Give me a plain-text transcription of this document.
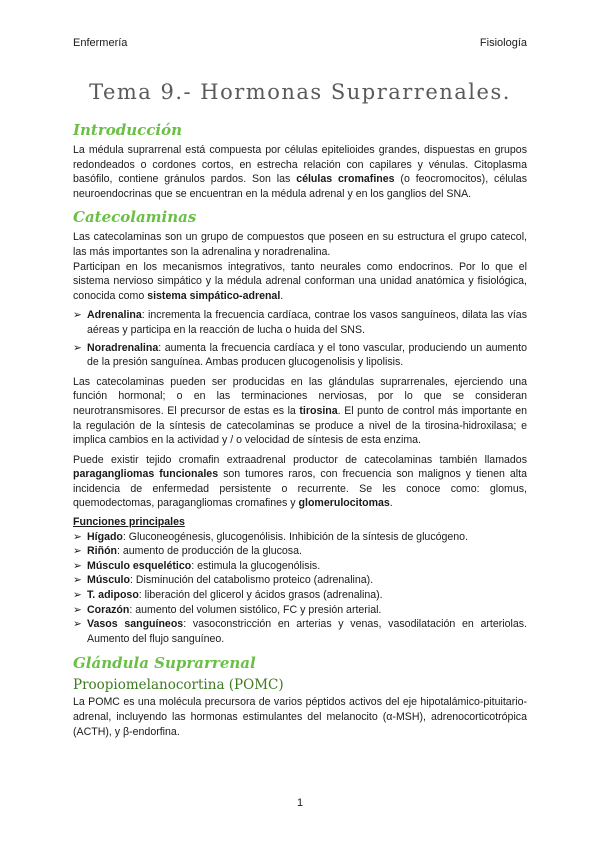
Enfermería	Fisiología
Tema 9.- Hormonas Suprarrenales.
Introducción

La médula suprarrenal está compuesta por células epitelioides grandes, dispuestas en grupos redondeados o cordones cortos, en estrecha relación con capilares y vénulas. Citoplasma basófilo, contiene gránulos pardos. Son las células cromafines (o feocromocitos), células neuroendocrinas que se encuentran en la médula adrenal y en los ganglios del SNA.

Catecolaminas

Las catecolaminas son un grupo de compuestos que poseen en su estructura el grupo catecol, las más importantes son la adrenalina y noradrenalina.

Participan en los mecanismos integrativos, tanto neurales como endocrinos. Por lo que el sistema nervioso simpático y la médula adrenal conforman una unidad anatómica y fisiológica, conocida como sistema simpático-adrenal.

➢ Adrenalina: incrementa la frecuencia cardíaca, contrae los vasos sanguíneos, dilata las vías aéreas y participa en la reacción de lucha o huida del SNS.
➢ Noradrenalina: aumenta la frecuencia cardíaca y el tono vascular, produciendo un aumento de la presión sanguínea. Ambas producen glucogenolisis y lipolisis.

Las catecolaminas pueden ser producidas en las glándulas suprarrenales, ejerciendo una función hormonal; o en las terminaciones nerviosas, por lo que se consideran neurotransmisores. El precursor de estas es la tirosina. El punto de control más importante en la regulación de la síntesis de catecolaminas se produce a nivel de la tirosina-hidroxilasa; e implica cambios en la actividad y / o velocidad de síntesis de esta enzima.

Puede existir tejido cromafin extraadrenal productor de catecolaminas también llamados paragangliomas funcionales son tumores raros, con frecuencia son malignos y tienen alta incidencia de enfermedad persistente o recurrente. Se les conoce como: glomus, quemodectomas, paragangliomas cromafines y glomerulocitomas.

Funciones principales
➢ Hígado: Gluconeogénesis, glucogenólisis. Inhibición de la síntesis de glucógeno.
➢ Riñón: aumento de producción de la glucosa.
➢ Músculo esquelético: estimula la glucogenólisis.
➢ Músculo: Disminución del catabolismo proteico (adrenalina).
➢ T. adiposo: liberación del glicerol y ácidos grasos (adrenalina).
➢ Corazón: aumento del volumen sistólico, FC y presión arterial.
➢ Vasos sanguíneos: vasoconstricción en arterias y venas, vasodilatación en arteriolas. Aumento del flujo sanguíneo.
Glándula Suprarrenal
Proopiomelanocortina (POMC)

La POMC es una molécula precursora de varios péptidos activos del eje hipotalámico-pituitario-adrenal, incluyendo las hormonas estimulantes del melanocito (α-MSH), adrenocorticotrópica (ACTH), y β-endorfina.

1
